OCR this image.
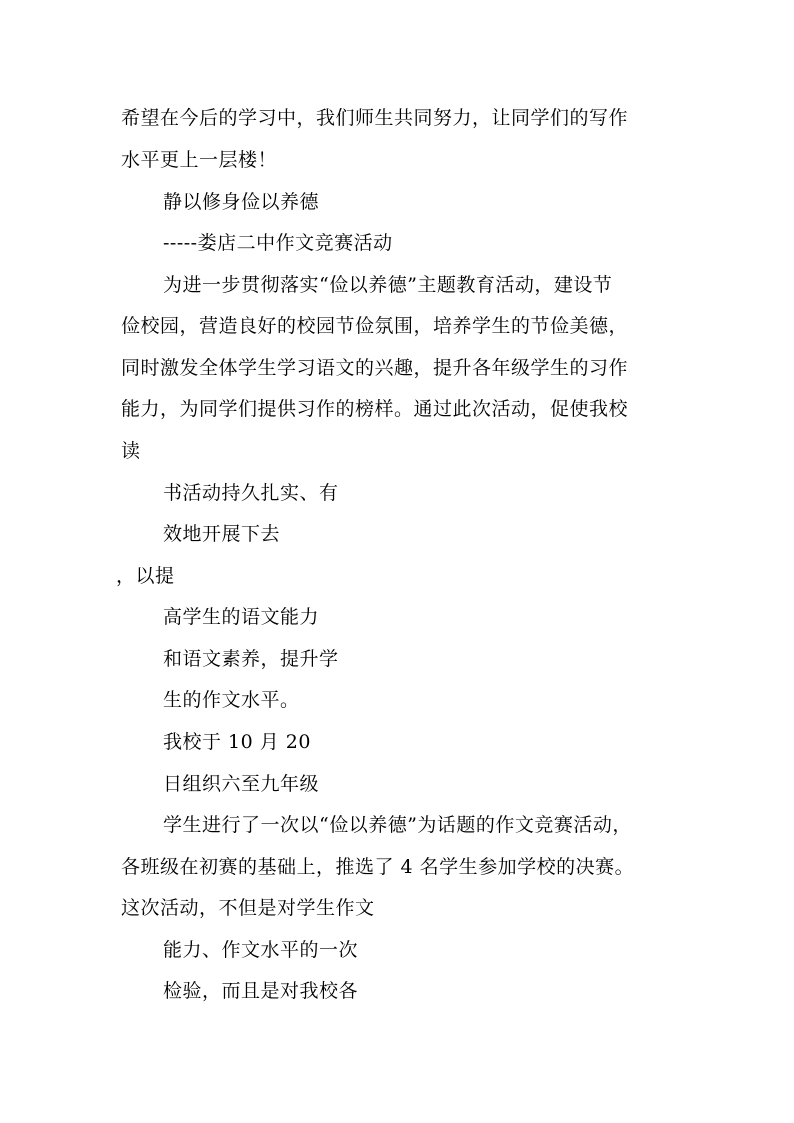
希望在今后的学习中，我们师生共同努力，让同学们的写作
水平更上一层楼！
静以修身俭以养德
-----娄店二中作文竞赛活动
为进一步贯彻落实“俭以养德”主题教育活动，建设节
俭校园，营造良好的校园节俭氛围，培养学生的节俭美德，
同时激发全体学生学习语文的兴趣，提升各年级学生的习作
能力，为同学们提供习作的榜样。通过此次活动，促使我校
读
书活动持久扎实、有
效地开展下去
，以提
高学生的语文能力
和语文素养，提升学
生的作文水平。
我校于 10 月 20
日组织六至九年级
学生进行了一次以“俭以养德”为话题的作文竞赛活动，
各班级在初赛的基础上，推选了 4 名学生参加学校的决赛。
这次活动，不但是对学生作文
能力、作文水平的一次
检验，而且是对我校各
